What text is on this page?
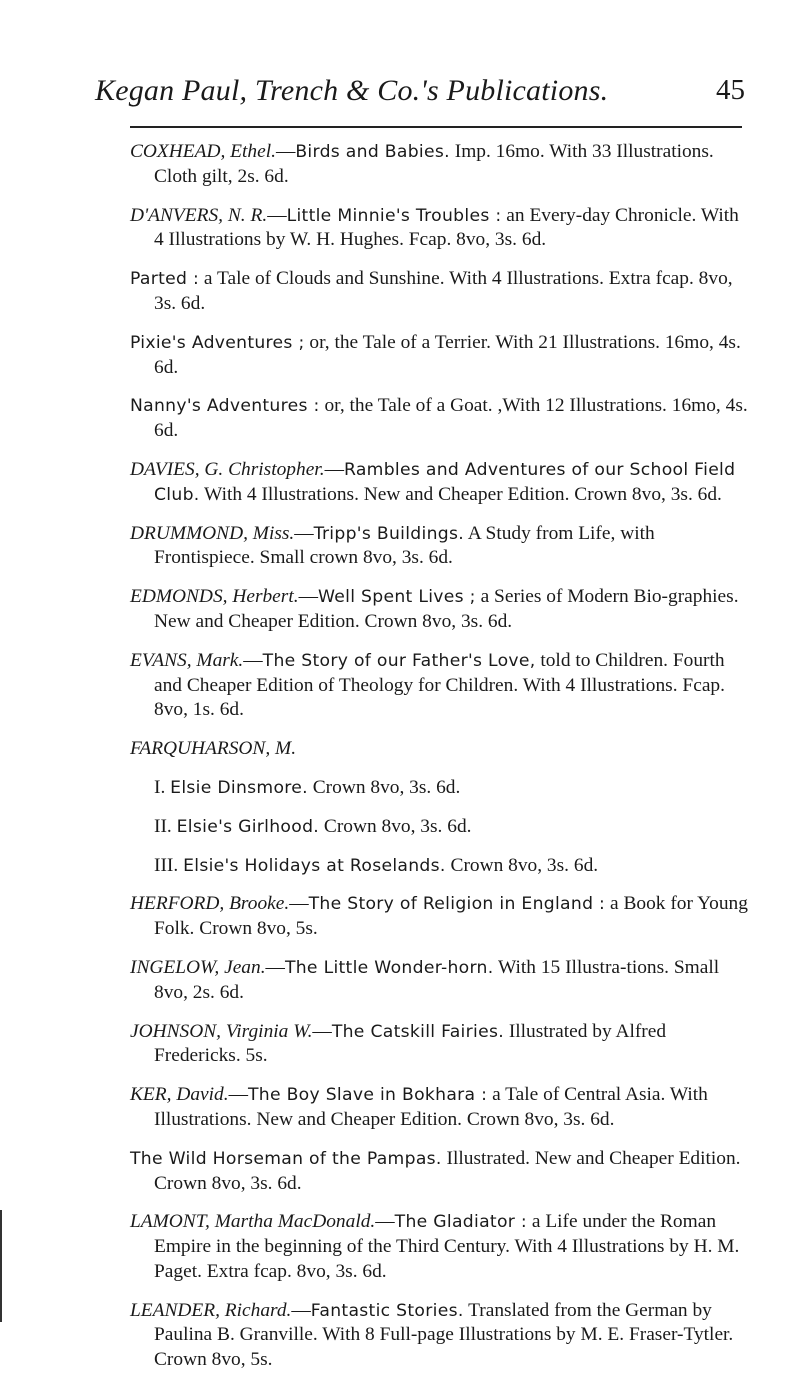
Kegan Paul, Trench & Co.'s Publications.	45

COXHEAD, Ethel.—Birds and Babies. Imp. 16mo. With 33 Illustrations. Cloth gilt, 2s. 6d.

D'ANVERS, N. R.—Little Minnie's Troubles : an Every-day Chronicle. With 4 Illustrations by W. H. Hughes. Fcap. 8vo, 3s. 6d.

Parted : a Tale of Clouds and Sunshine. With 4 Illustrations. Extra fcap. 8vo, 3s. 6d.

Pixie's Adventures ; or, the Tale of a Terrier. With 21 Illustrations. 16mo, 4s. 6d.

Nanny's Adventures : or, the Tale of a Goat. ,With 12 Illustrations. 16mo, 4s. 6d.

DAVIES, G. Christopher.—Rambles and Adventures of our School Field Club. With 4 Illustrations. New and Cheaper Edition. Crown 8vo, 3s. 6d.

DRUMMOND, Miss.—Tripp's Buildings. A Study from Life, with Frontispiece. Small crown 8vo, 3s. 6d.

EDMONDS, Herbert.—Well Spent Lives ; a Series of Modern Bio-graphies. New and Cheaper Edition. Crown 8vo, 3s. 6d.

EVANS, Mark.—The Story of our Father's Love, told to Children. Fourth and Cheaper Edition of Theology for Children. With 4 Illustrations. Fcap. 8vo, 1s. 6d.

FARQUHARSON, M.

I. Elsie Dinsmore. Crown 8vo, 3s. 6d.

II. Elsie's Girlhood. Crown 8vo, 3s. 6d.

III. Elsie's Holidays at Roselands. Crown 8vo, 3s. 6d.

HERFORD, Brooke.—The Story of Religion in England : a Book for Young Folk. Crown 8vo, 5s.

INGELOW, Jean.—The Little Wonder-horn. With 15 Illustra-tions. Small 8vo, 2s. 6d.

JOHNSON, Virginia W.—The Catskill Fairies. Illustrated by Alfred Fredericks. 5s.

KER, David.—The Boy Slave in Bokhara : a Tale of Central Asia. With Illustrations. New and Cheaper Edition. Crown 8vo, 3s. 6d.

The Wild Horseman of the Pampas. Illustrated. New and Cheaper Edition. Crown 8vo, 3s. 6d.

LAMONT, Martha MacDonald.—The Gladiator : a Life under the Roman Empire in the beginning of the Third Century. With 4 Illustrations by H. M. Paget. Extra fcap. 8vo, 3s. 6d.

LEANDER, Richard.—Fantastic Stories. Translated from the German by Paulina B. Granville. With 8 Full-page Illustrations by M. E. Fraser-Tytler. Crown 8vo, 5s.
